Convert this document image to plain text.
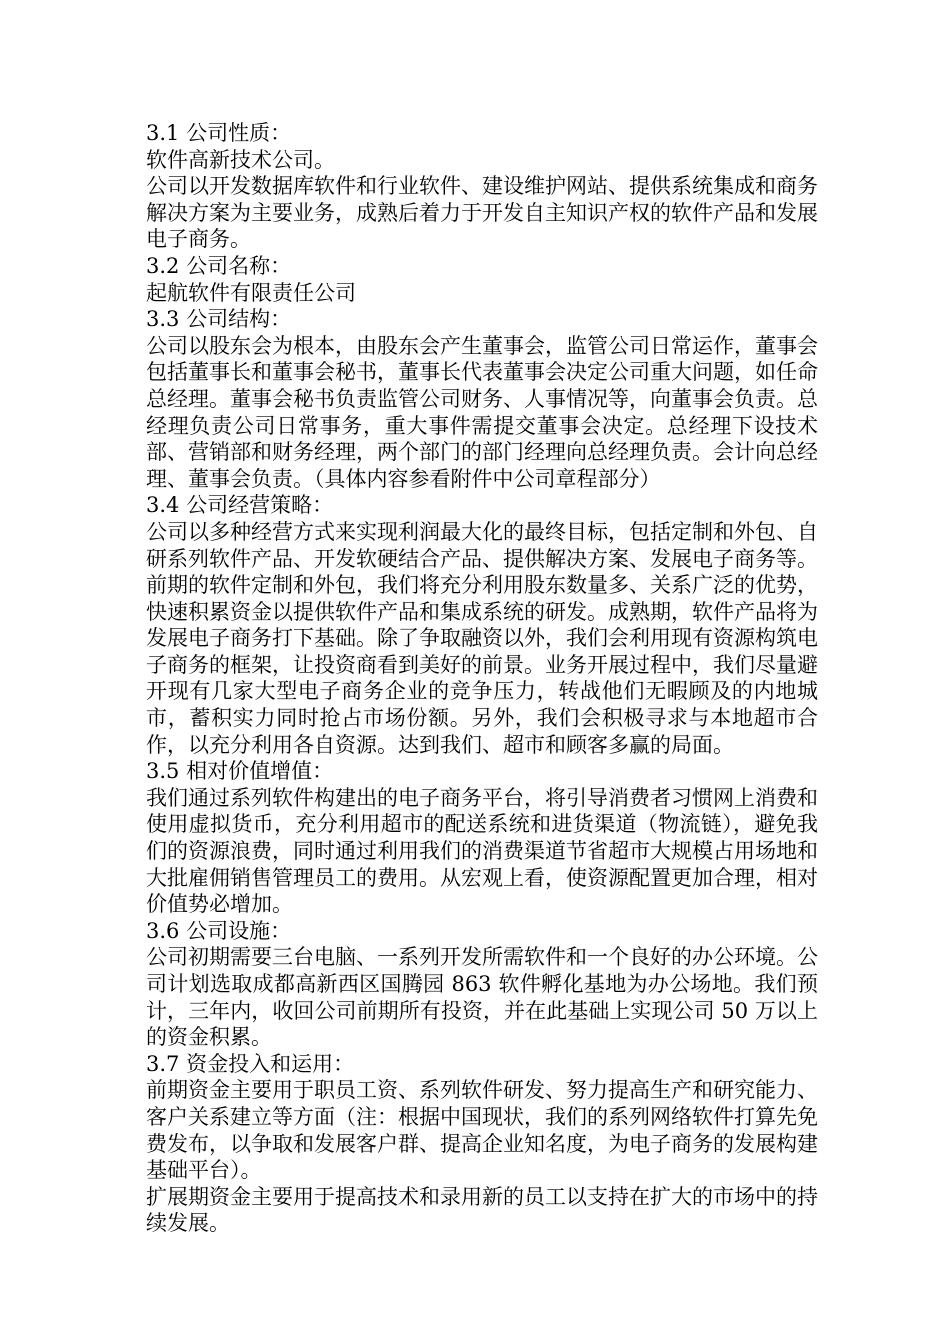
3.1 公司性质：

软件高新技术公司。

公司以开发数据库软件和行业软件、建设维护网站、提供系统集成和商务解决方案为主要业务，成熟后着力于开发自主知识产权的软件产品和发展电子商务。

3.2 公司名称：

起航软件有限责任公司

3.3 公司结构：

公司以股东会为根本，由股东会产生董事会，监管公司日常运作，董事会包括董事长和董事会秘书，董事长代表董事会决定公司重大问题，如任命总经理。董事会秘书负责监管公司财务、人事情况等，向董事会负责。总经理负责公司日常事务，重大事件需提交董事会决定。总经理下设技术部、营销部和财务经理，两个部门的部门经理向总经理负责。会计向总经理、董事会负责。（具体内容参看附件中公司章程部分）

3.4 公司经营策略：

公司以多种经营方式来实现利润最大化的最终目标，包括定制和外包、自研系列软件产品、开发软硬结合产品、提供解决方案、发展电子商务等。前期的软件定制和外包，我们将充分利用股东数量多、关系广泛的优势，快速积累资金以提供软件产品和集成系统的研发。成熟期，软件产品将为发展电子商务打下基础。除了争取融资以外，我们会利用现有资源构筑电子商务的框架，让投资商看到美好的前景。业务开展过程中，我们尽量避开现有几家大型电子商务企业的竞争压力，转战他们无暇顾及的内地城市，蓄积实力同时抢占市场份额。另外，我们会积极寻求与本地超市合作，以充分利用各自资源。达到我们、超市和顾客多赢的局面。

3.5 相对价值增值：

我们通过系列软件构建出的电子商务平台，将引导消费者习惯网上消费和使用虚拟货币，充分利用超市的配送系统和进货渠道（物流链），避免我们的资源浪费，同时通过利用我们的消费渠道节省超市大规模占用场地和大批雇佣销售管理员工的费用。从宏观上看，使资源配置更加合理，相对价值势必增加。

3.6 公司设施：

公司初期需要三台电脑、一系列开发所需软件和一个良好的办公环境。公司计划选取成都高新西区国腾园 863 软件孵化基地为办公场地。我们预计，三年内，收回公司前期所有投资，并在此基础上实现公司 50 万以上的资金积累。

3.7 资金投入和运用：

前期资金主要用于职员工资、系列软件研发、努力提高生产和研究能力、客户关系建立等方面（注：根据中国现状，我们的系列网络软件打算先免费发布，以争取和发展客户群、提高企业知名度，为电子商务的发展构建基础平台）。

扩展期资金主要用于提高技术和录用新的员工以支持在扩大的市场中的持续发展。
